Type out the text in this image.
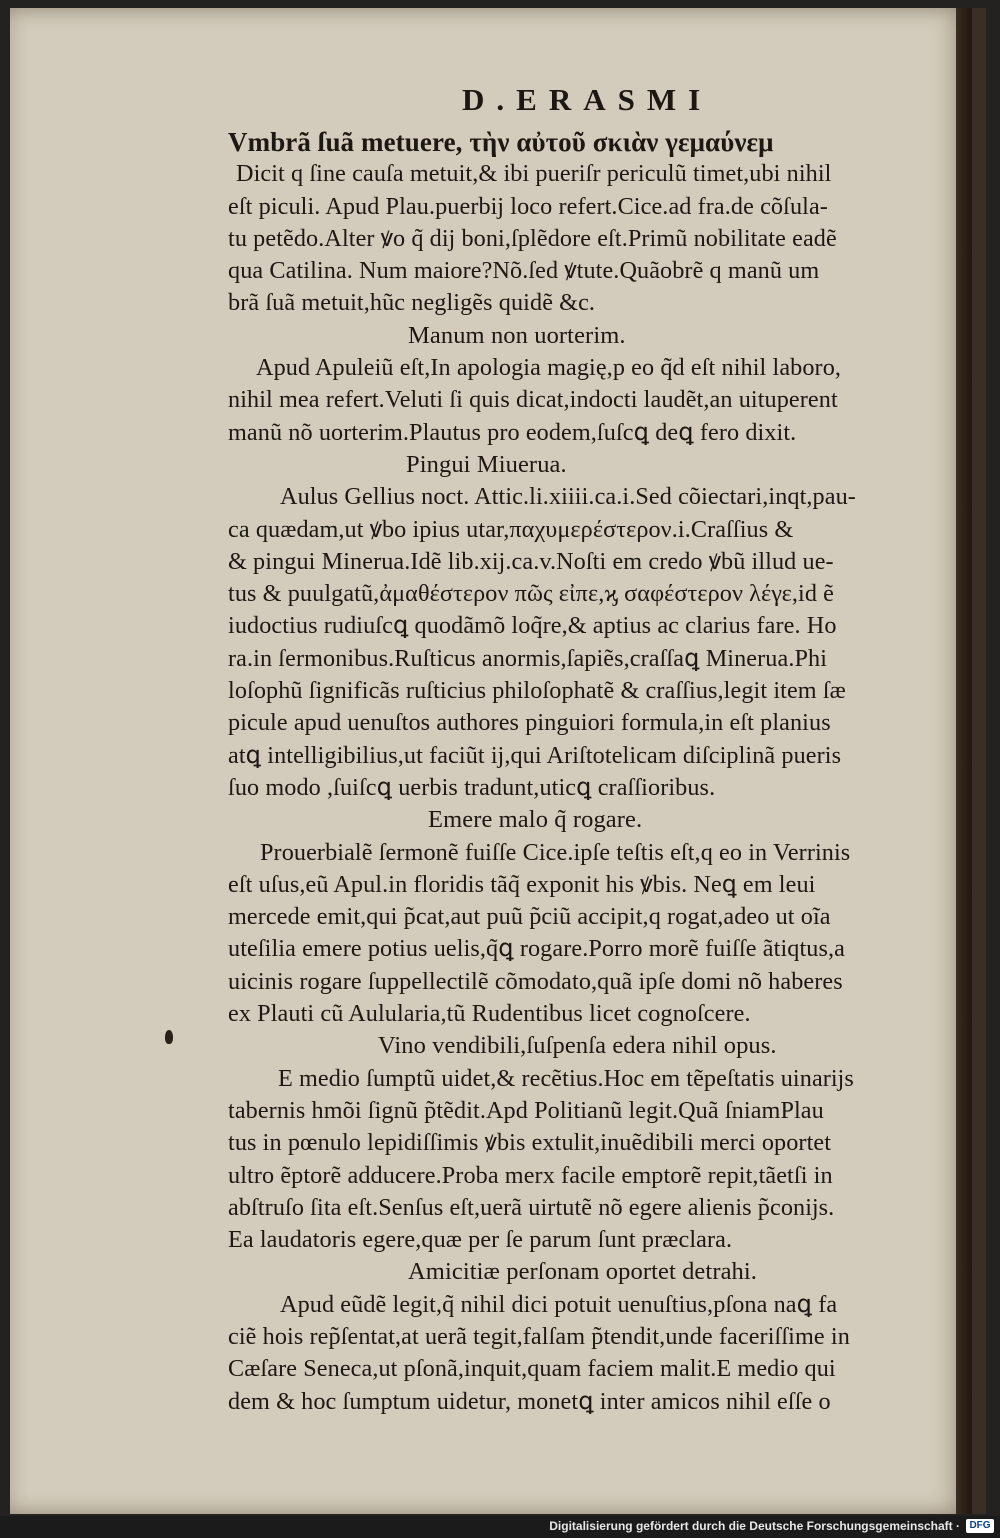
D.ERASMI
Vmbrã ſuã metuere, τὴν αὐτοῦ σκιὰν γεμαύνεμ
Dicit q ſine cauſa metuit,& ibi pueriſr periculũ timet,ubi nihil
eſt piculi. Apud Plau.puerbĳ loco refert.Cice.ad fra.de cõſula-
tu petẽdo.Alter ꝟo q̃ dĳ boni,ſplẽdore eſt.Primũ nobilitate eadẽ
qua Catilina. Num maiore?Nõ.ſed ꝟtute.Quãobrẽ q manũ um
brã ſuã metuit,hũc negligẽs quidẽ &c.
Manum non uorterim.
Apud Apuleiũ eſt,In apologia magię,p eo q̃d eſt nihil laboro,
nihil mea refert.Veluti ſi quis dicat,indocti laudẽt,an uituperent
manũ nõ uorterim.Plautus pro eodem,ſuſcꝗ deꝗ fero dixit.
Pingui Miuerua.
Aulus Gellius noct. Attic.li.xiiii.ca.i.Sed cõiectari,inqt,pau-
ca quædam,ut ꝟbo ipius utar,παχυμερέστερον.i.Craſſius &
& pingui Minerua.Idẽ lib.xĳ.ca.v.Noſti em credo ꝟbũ illud ue-
tus & puulgatũ,ἀμαθέστερον πῶς εἰπε,ϗ σαφέστερον λέγε,id ẽ
iudoctius rudiuſcꝗ quodãmõ loq̃re,& aptius ac clarius fare. Ho
ra.in ſermonibus.Ruſticus anormis,ſapiẽs,craſſaꝗ Minerua.Phi
loſophũ ſignificãs ruſticius philoſophatẽ & craſſius,legit item ſæ
picule apud uenuſtos authores pinguiori formula,in eſt planius
atꝗ intelligibilius,ut faciũt ĳ,qui Ariſtotelicam diſciplinã pueris
ſuo modo ,ſuiſcꝗ uerbis tradunt,uticꝗ craſſioribus.
Emere malo q̃ rogare.
Prouerbialẽ ſermonẽ fuiſſe Cice.ipſe teſtis eſt,q eo in Verrinis
eſt uſus,eũ Apul.in floridis tãq̃ exponit his ꝟbis. Neꝗ em leui
mercede emit,qui p̃cat,aut puũ p̃ciũ accipit,q rogat,adeo ut oĩa
uteſilia emere potius uelis,q̃ꝗ rogare.Porro morẽ fuiſſe ãtiqtus,a
uicinis rogare ſuppellectilẽ cõmodato,quã ipſe domi nõ haberes
ex Plauti cũ Aulularia,tũ Rudentibus licet cognoſcere.
Vino vendibili,ſuſpenſa edera nihil opus.
E medio ſumptũ uidet,& recẽtius.Hoc em tẽpeſtatis uinarĳs
tabernis hmõi ſignũ p̃tẽdit.Apd Politianũ legit.Quã ſniamPlau
tus in pœnulo lepidiſſimis ꝟbis extulit,inuẽdibili merci oportet
ultro ẽptorẽ adducere.Proba merx facile emptorẽ repit,tãetſi in
abſtruſo ſita eſt.Senſus eſt,uerã uirtutẽ nõ egere alienis p̃conĳs.
Ea laudatoris egere,quæ per ſe parum ſunt præclara.
Amicitiæ perſonam oportet detrahi.
Apud eũdẽ legit,q̃ nihil dici potuit uenuſtius,pſona naꝗ fa
ciẽ hois rep̃ſentat,at uerã tegit,falſam p̃tendit,unde faceriſſime in
Cæſare Seneca,ut pſonã,inquit,quam faciem malit.E medio qui
dem & hoc ſumptum uidetur, monetꝗ inter amicos nihil eſſe o
Digitalisierung gefördert durch die Deutsche Forschungsgemeinschaft · DFG
